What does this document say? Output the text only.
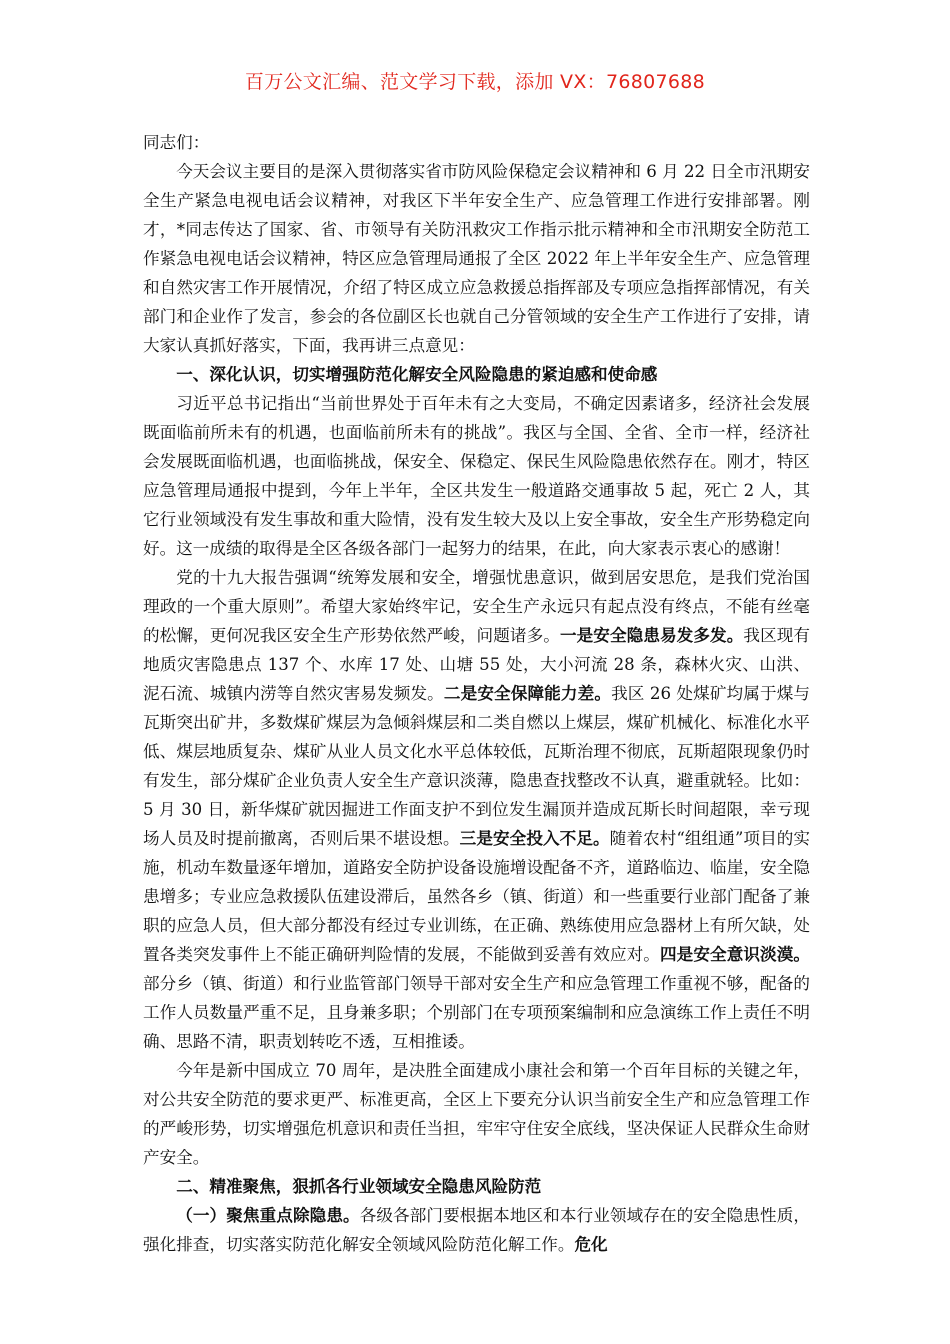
百万公文汇编、范文学习下载，添加 VX：76807688

同志们：

今天会议主要目的是深入贯彻落实省市防风险保稳定会议精神和 6 月 22 日全市汛期安全生产紧急电视电话会议精神，对我区下半年安全生产、应急管理工作进行安排部署。刚才，*同志传达了国家、省、市领导有关防汛救灾工作指示批示精神和全市汛期安全防范工作紧急电视电话会议精神，特区应急管理局通报了全区 2022 年上半年安全生产、应急管理和自然灾害工作开展情况，介绍了特区成立应急救援总指挥部及专项应急指挥部情况，有关部门和企业作了发言，参会的各位副区长也就自己分管领域的安全生产工作进行了安排，请大家认真抓好落实，下面，我再讲三点意见：

一、深化认识，切实增强防范化解安全风险隐患的紧迫感和使命感

习近平总书记指出“当前世界处于百年未有之大变局，不确定因素诸多，经济社会发展既面临前所未有的机遇，也面临前所未有的挑战”。我区与全国、全省、全市一样，经济社会发展既面临机遇，也面临挑战，保安全、保稳定、保民生风险隐患依然存在。刚才，特区应急管理局通报中提到，今年上半年，全区共发生一般道路交通事故 5 起，死亡 2 人，其它行业领域没有发生事故和重大险情，没有发生较大及以上安全事故，安全生产形势稳定向好。这一成绩的取得是全区各级各部门一起努力的结果，在此，向大家表示衷心的感谢！

党的十九大报告强调“统筹发展和安全，增强忧患意识，做到居安思危，是我们党治国理政的一个重大原则”。希望大家始终牢记，安全生产永远只有起点没有终点，不能有丝毫的松懈，更何况我区安全生产形势依然严峻，问题诸多。一是安全隐患易发多发。我区现有地质灾害隐患点 137 个、水库 17 处、山塘 55 处，大小河流 28 条，森林火灾、山洪、泥石流、城镇内涝等自然灾害易发频发。二是安全保障能力差。我区 26 处煤矿均属于煤与瓦斯突出矿井，多数煤矿煤层为急倾斜煤层和二类自燃以上煤层，煤矿机械化、标准化水平低、煤层地质复杂、煤矿从业人员文化水平总体较低，瓦斯治理不彻底，瓦斯超限现象仍时有发生，部分煤矿企业负责人安全生产意识淡薄，隐患查找整改不认真，避重就轻。比如：5 月 30 日，新华煤矿就因掘进工作面支护不到位发生漏顶并造成瓦斯长时间超限，幸亏现场人员及时提前撤离，否则后果不堪设想。三是安全投入不足。随着农村“组组通”项目的实施，机动车数量逐年增加，道路安全防护设备设施增设配备不齐，道路临边、临崖，安全隐患增多；专业应急救援队伍建设滞后，虽然各乡（镇、街道）和一些重要行业部门配备了兼职的应急人员，但大部分都没有经过专业训练，在正确、熟练使用应急器材上有所欠缺，处置各类突发事件上不能正确研判险情的发展，不能做到妥善有效应对。四是安全意识淡漠。部分乡（镇、街道）和行业监管部门领导干部对安全生产和应急管理工作重视不够，配备的工作人员数量严重不足，且身兼多职；个别部门在专项预案编制和应急演练工作上责任不明确、思路不清，职责划转吃不透，互相推诿。

今年是新中国成立 70 周年，是决胜全面建成小康社会和第一个百年目标的关键之年，对公共安全防范的要求更严、标准更高，全区上下要充分认识当前安全生产和应急管理工作的严峻形势，切实增强危机意识和责任当担，牢牢守住安全底线，坚决保证人民群众生命财产安全。

二、精准聚焦，狠抓各行业领域安全隐患风险防范

（一）聚焦重点除隐患。各级各部门要根据本地区和本行业领域存在的安全隐患性质，强化排查，切实落实防范化解安全领域风险防范化解工作。危化
